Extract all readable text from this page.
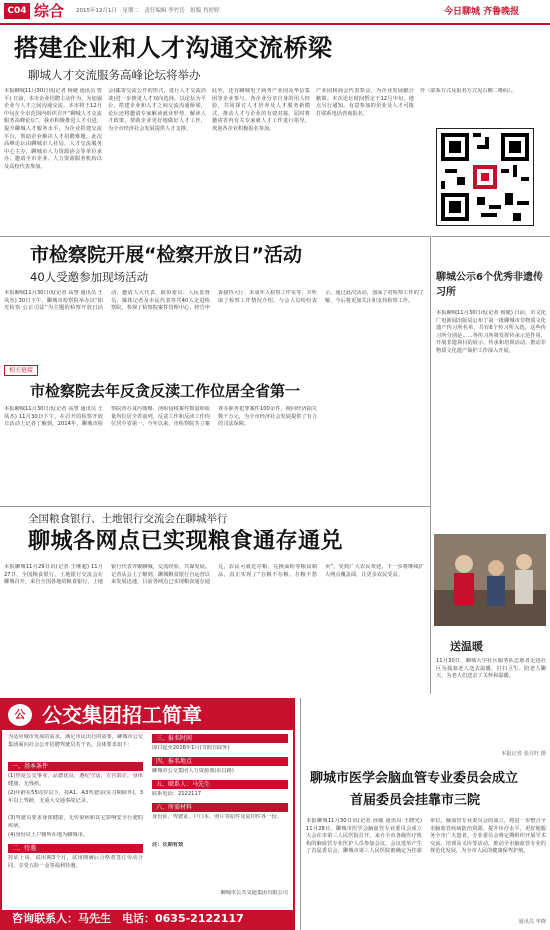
C04 综合 2015年12月1日　星期二　责任编辑 李竹岳　组版 肖婷婷	今日聊城 齐鲁晚报
搭建企业和人才沟通交流桥梁
聊城人才交流服务高峰论坛将举办
本报聊城11月30日讯(记者 杨婕 通讯员 曾平) 日前，本市企业招聘主动作为，为加强企业与人才之间沟通交流，本市将于12月中旬在全市范围内组织召开“聊城人才交流服务高峰论坛”。我市积极推进人才引进，提升聊城人才服务水平，为企业搭建交流平台，帮助企业解决人才招聘难题。此次高峰论坛由聊城市人社局、人才交流服务中心主办，聊城市人力资源协会等单位承办，邀请全市企业、人力资源服务机构以及高校代表参加。
会(邮寄交流公开的形式，进行人才交流洽谈)进一步推进人才双向选择。以论坛为平台，搭建企业和人才之间交流沟通桥梁，论坛还将邀请专家解读就业形势、解读人才政策，帮助企业更好地做好人才工作，为全市经济社会发展提供人才支撑。
此外，还有聊城电子商务产业园及华信集团等企业参与。各企业分享自身的用人经验，共同探讨人才培养及人才服务新模式，推动人才与企业的有效对接。届时将邀请省内有关专家就人才工作进行指导，欢迎各企业积极报名参加。
产业园和商会代表参会，为企业发展献计献策。本次论坛时间暂定于12月中旬，地点另行通知。有意参加的企业及人才可拨打联系电话咨询报名。
作（联系方式及报名方式见右侧二维码）。
聊城公示6个优秀非遗传习所
本报聊城11月30日讯(记者 杨婕) 日前，市文化广电新闻出版局公布了第一批聊城市非物质文化遗产传习所名单，共有6个传习所入选。这些传习所分别是……各传习所将发挥传承示范作用，开展非遗项目的展示、传承和培训活动，推动非物质文化遗产保护工作深入开展。
送温暖
11月30日，聊城大学社区服务队志愿者走进社区为孤寡老人送去温暖，打扫卫生、陪老人聊天，为老人们送去了关怀和温暖。
本报记者 张召旺 摄
市检察院开展“检察开放日”活动
40人受邀参加现场活动
本报聊城11月30日讯(记者 高慧 通讯员 王凤杰) 30日下午，聊城市检察院举办以“阳光检察 公正司法”为主题的检察开放日活动，邀请人大代表、政协委员、人民监督员、媒体记者及市民代表等共40人走进检察院，参观了检察院案件管理中心、控告申诉接待大厅、未成年人检察工作室等，并听取了检察工作情况介绍。与会人员纷纷表示，通过此次活动，加深了对检察工作的了解，今后将更加关注和支持检察工作。
相关链接
市检察院去年反贪反渎工作位居全省第一
本报聊城11月30日讯(记者 高慧 通讯员 王凤杰) 11月30日下午，在召开的检察开放日活动上记者了解到，2014年，聊城市检察院查办贪污贿赂、渎职侵权案件数量和质量均位居全省前列，反贪工作和反渎工作均位居全省第一。今年以来，市检察院共立案查办职务犯罪案件100余件，挽回经济损失数千万元，为全市经济社会发展提供了有力的司法保障。
全国粮食银行、土地银行交流会在聊城举行
聊城各网点已实现粮食通存通兑
本报聊城11月29日讯(记者 王继超) 11月27日，全国粮食银行、土地银行交流会在聊城召开，来自全国各地的粮食银行、土地银行代表齐聚聊城，交流经验、共谋发展。记者从会上了解到，聊城粮食银行自运营以来发展迅速，目前各网点已实现粮食通存通兑，农民可就近存粮、兑换面粉等粮食制品，真正实现了“存粮不存粮、存粮不愁卖”，受到广大农民欢迎。下一步将继续扩大网点覆盖面，让更多农民受益。
公 公交集团招工简章
为适应城市发展的需求，满足市民出行的需要，聊城市公交集团面向社会公开招聘驾驶员若干名，具体要求如下：
一、基本条件
(1)热爱公交事业，品德优良，遵纪守法，五官端正，身体健康，无残疾。
(2)年龄在55周岁以下，持A1、A3驾驶证(实习期除外)，3年以上驾龄，无重大交通事故记录。
(3)驾驶员要求身体健康，无传染病和其它影响安全行驶的疾病。
(4)身份证上户籍所在地为聊城市。
二、待遇
持证上岗，试用期3个月，试用期满后合格者签订劳动合同，享受五险一金等福利待遇。
三、报名时间
即日起至2016年1月(节假日除外)
四、报名地点
聊城市公交集团人力资源部(东昌路)
五、联系人：马先生
联系电话：2122117
六、所需材料
身份证、驾驶证、户口本、照片等原件及复印件各一份。
注：长期有效
聊城市公共交通集团有限公司
咨询联系人：马先生　电话：0635-2122117
聊城市医学会脑血管专业委员会成立
首届委员会挂靠市三院
本报聊城11月30日讯(记者 孙璇 通讯员 王晓光) 11月28日，聊城市医学会脑血管专业委员会成立大会在市第三人民医院召开。来自全市各级医疗机构的脑血管专业医护人员参加会议。会议选举产生了首届委员会，聊城市第三人民医院被确定为挂靠单位。脑血管专业委员会的成立，将进一步整合全市脑血管疾病防治资源，提升诊疗水平，更好地服务全市广大患者。专业委员会将定期组织开展学术交流、培训及义诊等活动，推动全市脑血管专业的规范化发展，为全市人民的健康保驾护航。
通讯员 华晓
